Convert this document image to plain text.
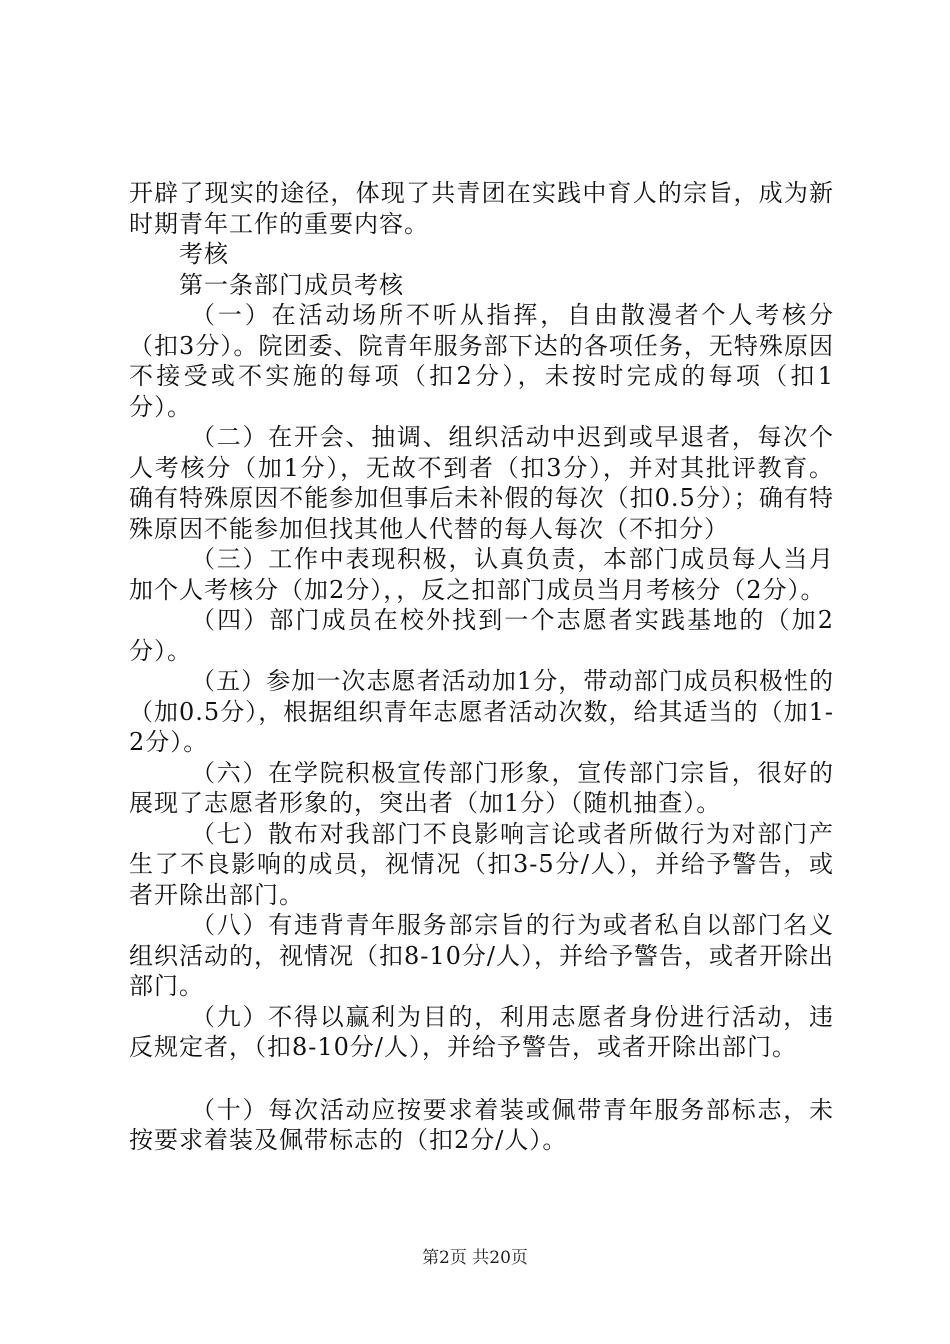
开辟了现实的途径，体现了共青团在实践中育人的宗旨，成为新时期青年工作的重要内容。

考核

第一条部门成员考核

（一）在活动场所不听从指挥，自由散漫者个人考核分（扣3分）。院团委、院青年服务部下达的各项任务，无特殊原因不接受或不实施的每项（扣2分），未按时完成的每项（扣1分）。

（二）在开会、抽调、组织活动中迟到或早退者，每次个人考核分（加1分），无故不到者（扣3分），并对其批评教育。确有特殊原因不能参加但事后未补假的每次（扣0.5分）；确有特殊原因不能参加但找其他人代替的每人每次（不扣分）

（三）工作中表现积极，认真负责，本部门成员每人当月加个人考核分（加2分），，反之扣部门成员当月考核分（2分）。

（四）部门成员在校外找到一个志愿者实践基地的（加2分）。

（五）参加一次志愿者活动加1分，带动部门成员积极性的（加0.5分），根据组织青年志愿者活动次数，给其适当的（加1-2分）。

（六）在学院积极宣传部门形象，宣传部门宗旨，很好的展现了志愿者形象的，突出者（加1分）（随机抽查）。

（七）散布对我部门不良影响言论或者所做行为对部门产生了不良影响的成员，视情况（扣3-5分/人），并给予警告，或者开除出部门。

（八）有违背青年服务部宗旨的行为或者私自以部门名义组织活动的，视情况（扣8-10分/人），并给予警告，或者开除出部门。

（九）不得以赢利为目的，利用志愿者身份进行活动，违反规定者，（扣8-10分/人），并给予警告，或者开除出部门。

（十）每次活动应按要求着装或佩带青年服务部标志，未按要求着装及佩带标志的（扣2分/人）。

第2页 共20页
